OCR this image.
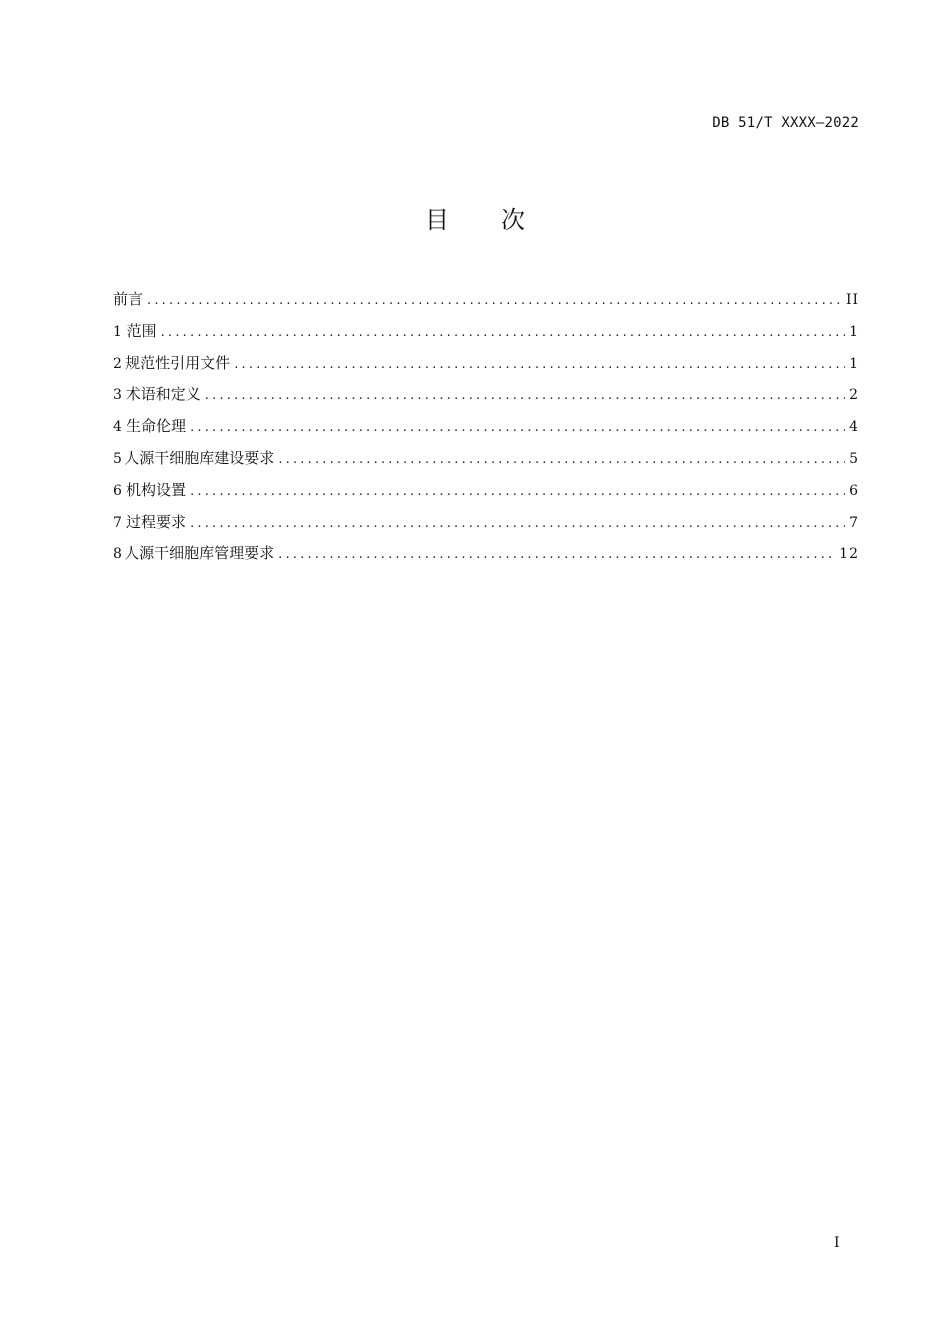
DB 51/T XXXX—2022
目 次
前言 .....	II
1 范围 .....	1
2 规范性引用文件 .....	1
3 术语和定义 .....	2
4 生命伦理 .....	4
5 人源干细胞库建设要求 .....	5
6 机构设置 .....	6
7 过程要求 .....	7
8 人源干细胞库管理要求 .....	12
I
